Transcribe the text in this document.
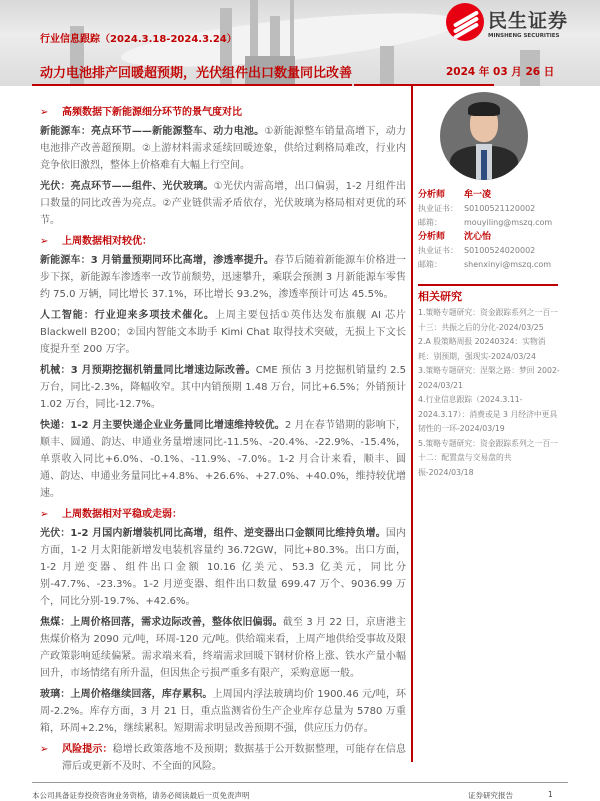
行业信息跟踪（2024.3.18-2024.3.24）
动力电池排产回暖超预期，光伏组件出口数量同比改善	2024 年 03 月 26 日
民生证券
MINSHENG SECURITIES
➢	高频数据下新能源细分环节的景气度对比
新能源车：亮点环节——新能源整车、动力电池。①新能源整车销量高增下，动力电池排产改善超预期。②上游材料需求延续回暖迹象，供给过剩格局难改，行业内竞争依旧激烈，整体上价格难有大幅上行空间。
光伏：亮点环节——组件、光伏玻璃。①光伏内需高增，出口偏弱，1-2 月组件出口数量的同比改善为亮点。②产业链供需矛盾依存，光伏玻璃为格局相对更优的环节。
➢	上周数据相对较优：
新能源车：3 月销量预期同环比高增，渗透率提升。春节后随着新能源车价格进一步下探，新能源车渗透率一改节前颓势，迅速攀升，乘联会预测 3 月新能源车零售约 75.0 万辆，同比增长 37.1%，环比增长 93.2%，渗透率预计可达 45.5%。
人工智能：行业迎来多项技术催化。上周主要包括①英伟达发布旗舰 AI 芯片 Blackwell B200；②国内智能文本助手 Kimi Chat 取得技术突破，无损上下文长度提升至 200 万字。
机械：3 月预期挖掘机销量同比增速边际改善。CME 预估 3 月挖掘机销量约 2.5 万台，同比-2.3%，降幅收窄。其中内销预期 1.48 万台，同比+6.5%；外销预计 1.02 万台，同比-12.7%。
快递：1-2 月主要快递企业业务量同比增速维持较优。2 月在春节错期的影响下，顺丰、圆通、韵达、申通业务量增速同比-11.5%、-20.4%、-22.9%、-15.4%，单票收入同比+6.0%、-0.1%、-11.9%、-7.0%。1-2 月合计来看，顺丰、圆通、韵达、申通业务量同比+4.8%、+26.6%、+27.0%、+40.0%，维持较优增速。
➢	上周数据相对平稳或走弱：
光伏：1-2 月国内新增装机同比高增，组件、逆变器出口金额同比维持负增。国内方面，1-2 月太阳能新增发电装机容量约 36.72GW，同比+80.3%。出口方面，1-2 月逆变器、组件出口金额 10.16 亿美元、53.3 亿美元，同比分别-47.7%、-23.3%。1-2 月逆变器、组件出口数量 699.47 万个、9036.99 万个，同比分别-19.7%、+42.6%。
焦煤：上周价格回落，需求边际改善，整体依旧偏弱。截至 3 月 22 日，京唐港主焦煤价格为 2090 元/吨，环周-120 元/吨。供给端来看，上周产地供给受事故及限产政策影响延续偏紧。需求端来看，终端需求回暖下钢材价格上涨、铁水产量小幅回升，市场情绪有所升温，但因焦企亏损严重多有限产，采购意愿一般。
玻璃：上周价格继续回落，库存累积。上周国内浮法玻璃均价 1900.46 元/吨，环周-2.2%。库存方面，3 月 21 日，重点监测省份生产企业库存总量为 5780 万重箱，环周+2.2%，继续累积。短期需求明显改善预期不强，供应压力仍存。
➢	风险提示：稳增长政策落地不及预期；数据基于公开数据整理，可能存在信息滞后或更新不及时、不全面的风险。
分析师	牟一凌
执业证书： S0100521120002
邮箱：	mouyiling@mszq.com
分析师	沈心怡
执业证书： S0100524020002
邮箱：	shenxinyi@mszq.com
相关研究
1.策略专题研究：资金跟踪系列之一百一十三：共振之后的分化-2024/03/25
2.A 股策略周报 20240324：实物消耗：别预期，强现实-2024/03/24
3.策略专题研究：涅槃之路：梦回 2002-2024/03/21
4.行业信息跟踪（2024.3.11-2024.3.17）：消费或是 3 月经济中更具韧性的一环-2024/03/19
5.策略专题研究：资金跟踪系列之一百一十二：配置盘与交易盘的共振-2024/03/18
本公司具备证券投资咨询业务资格，请务必阅读最后一页免责声明	证券研究报告	1
